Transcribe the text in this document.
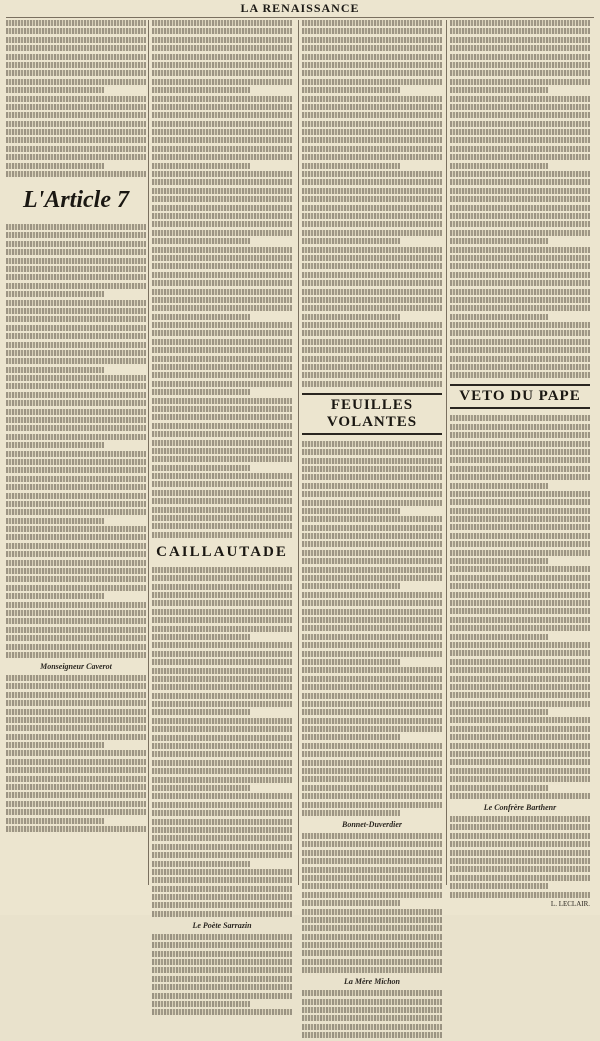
LA RENAISSANCE
L'Article 7
Monseigneur Caverot
CAILLAUTADE
Le Poète Sarrazin
FEUILLES VOLANTES
Bonnet-Duverdier
La Mère Michon
VETO DU PAPE
Le Confrère Barthenr
L. LECLAIR.
